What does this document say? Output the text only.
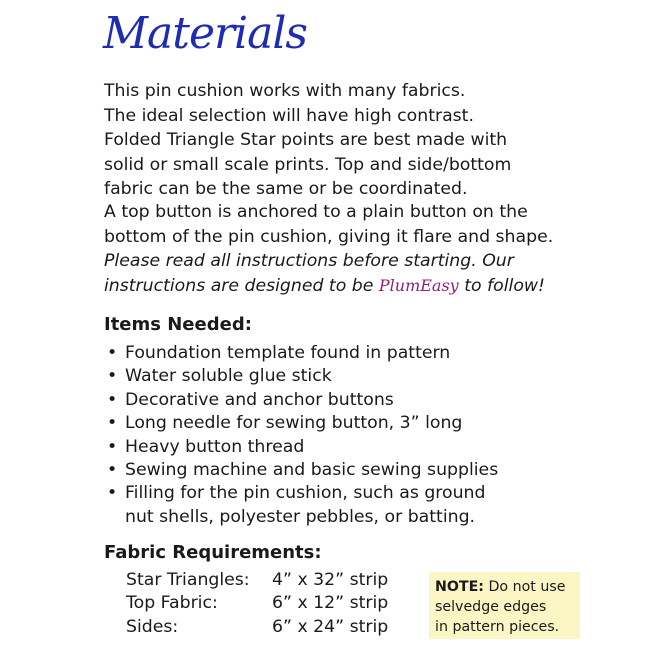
Materials

This pin cushion works with many fabrics.
The ideal selection will have high contrast.
Folded Triangle Star points are best made with
solid or small scale prints. Top and side/bottom
fabric can be the same or be coordinated.

A top button is anchored to a plain button on the
bottom of the pin cushion, giving it flare and shape.

Please read all instructions before starting. Our
instructions are designed to be PlumEasy to follow!

Items Needed:
• Foundation template found in pattern
• Water soluble glue stick
• Decorative and anchor buttons
• Long needle for sewing button, 3” long
• Heavy button thread
• Sewing machine and basic sewing supplies
• Filling for the pin cushion, such as ground
nut shells, polyester pebbles, or batting.
Fabric Requirements:
Star Triangles:	4” x 32” strip
Top Fabric:	6” x 12” strip
Sides:	6” x 24” strip
NOTE: Do not use
selvedge edges
in pattern pieces.
